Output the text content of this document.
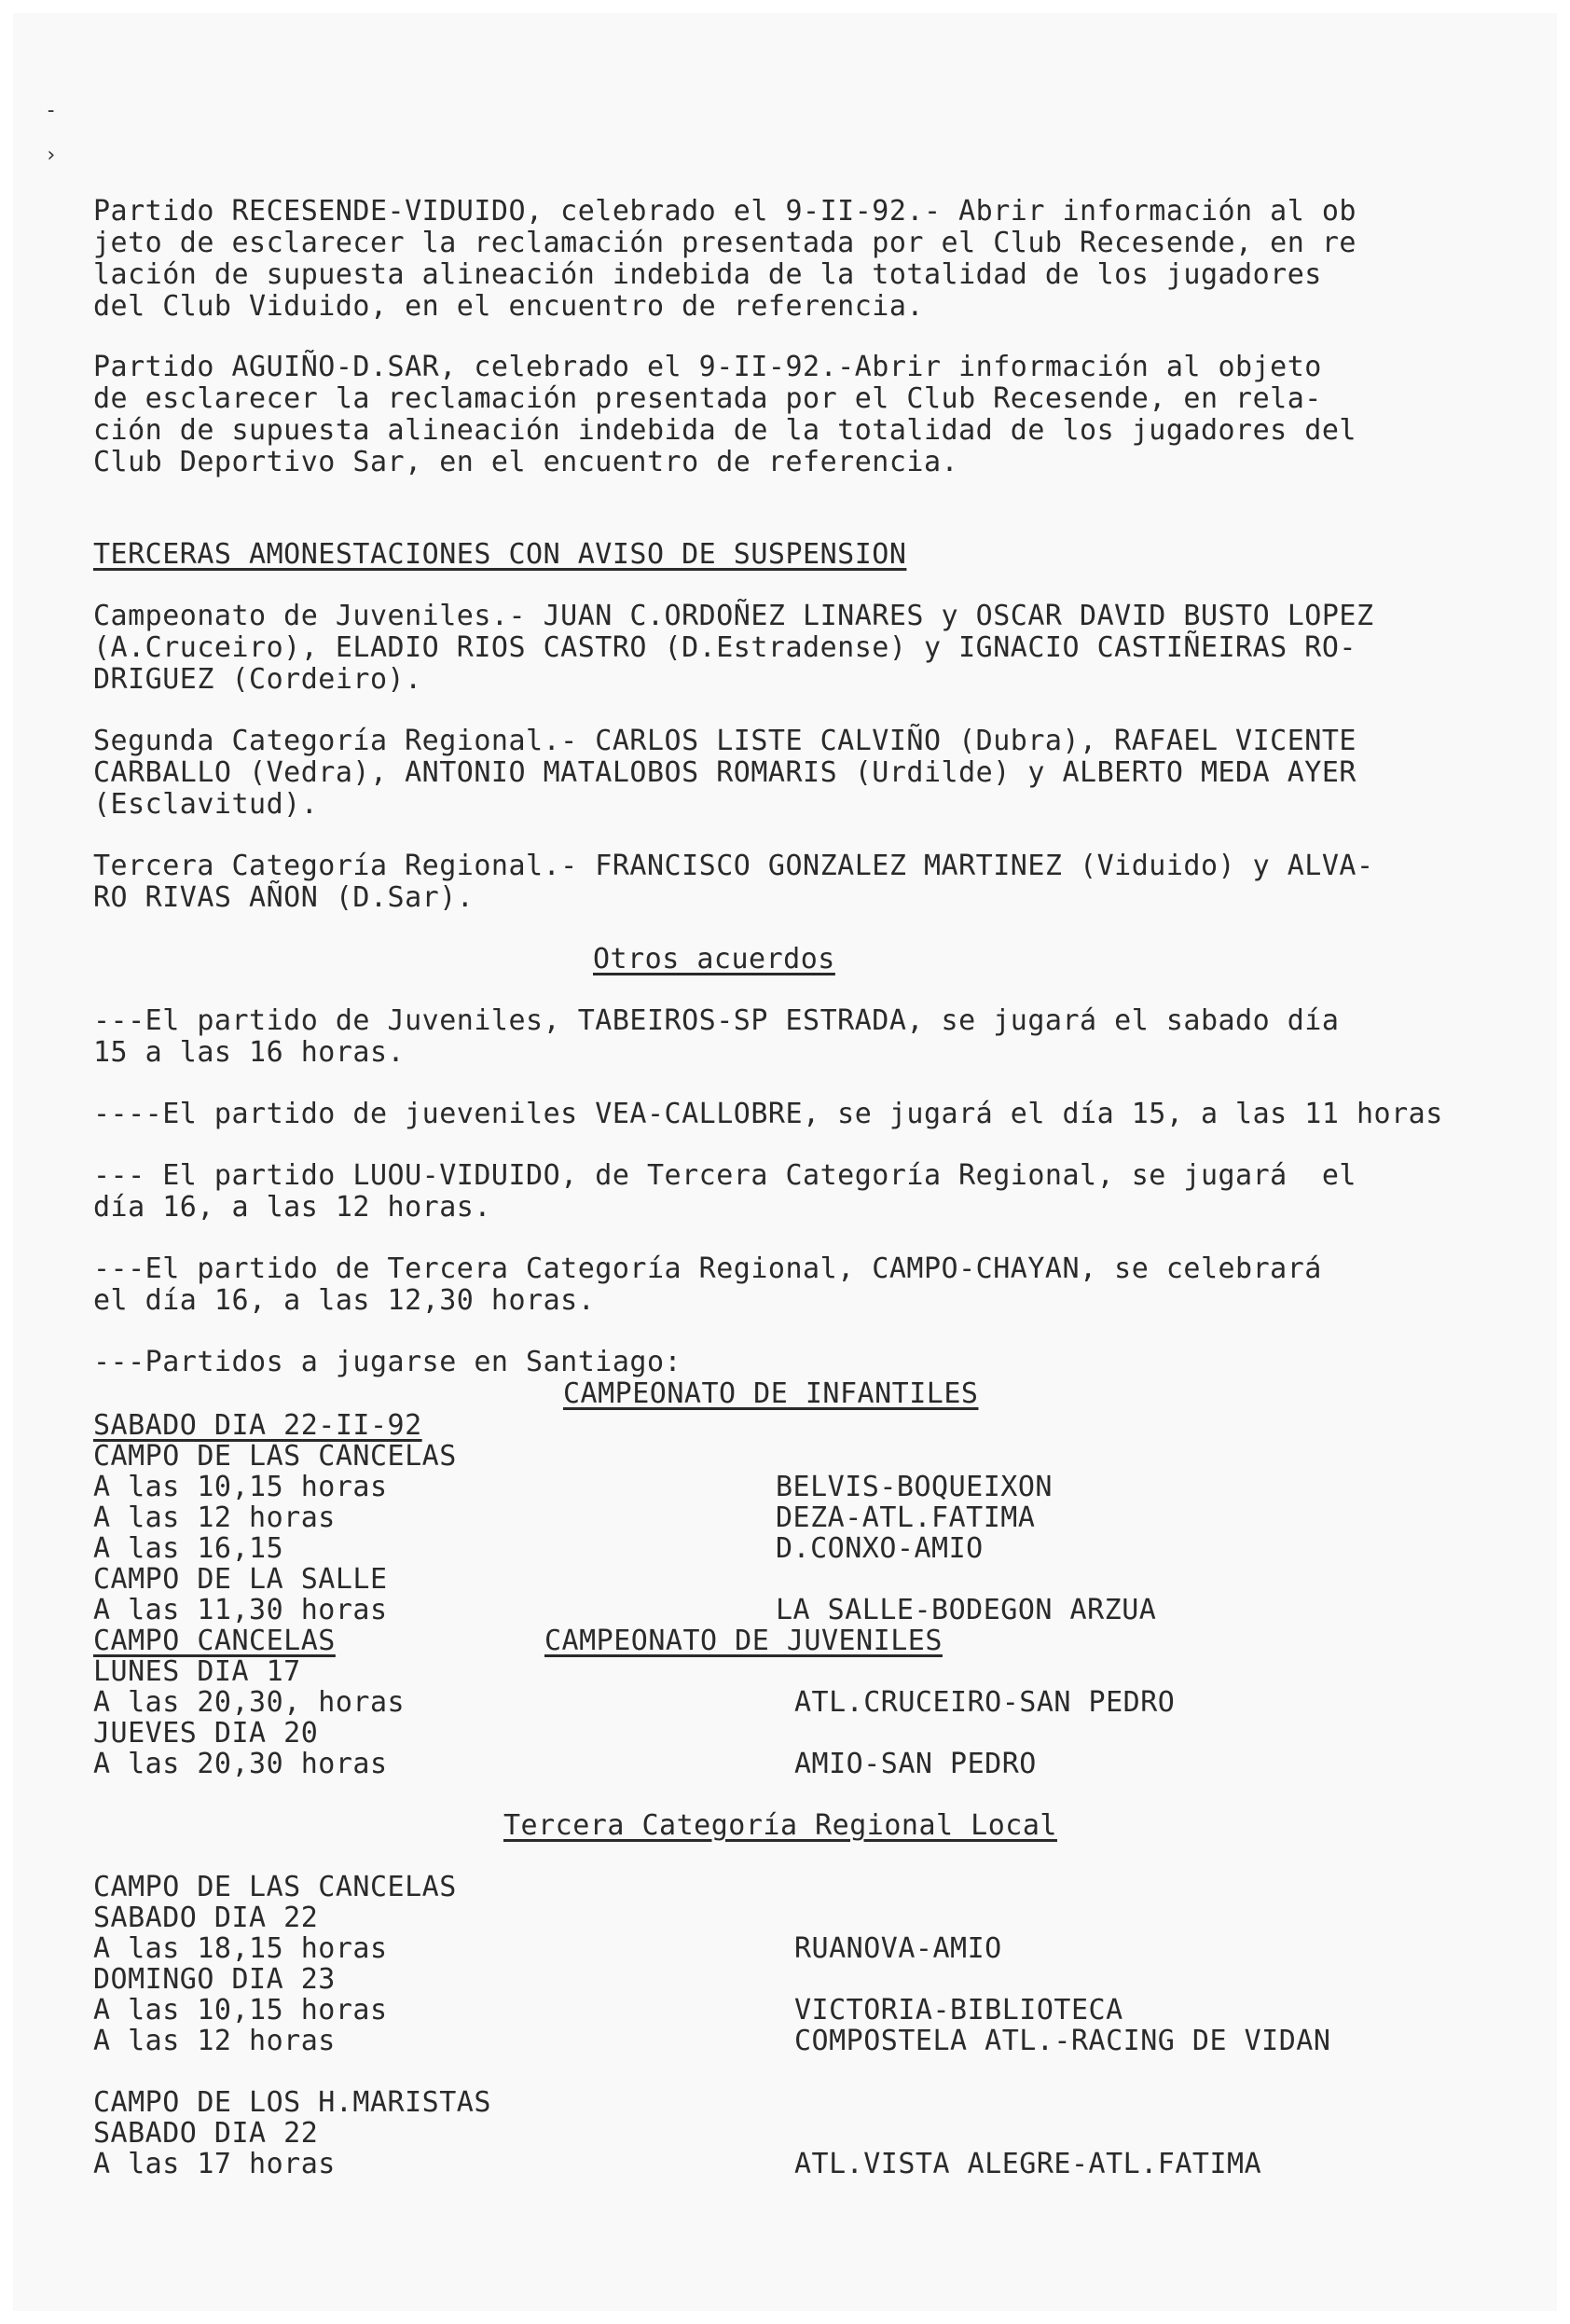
-
›
Partido RECESENDE-VIDUIDO, celebrado el 9-II-92.- Abrir información al ob
jeto de esclarecer la reclamación presentada por el Club Recesende, en re
lación de supuesta alineación indebida de la totalidad de los jugadores
del Club Viduido, en el encuentro de referencia.
Partido AGUIÑO-D.SAR, celebrado el 9-II-92.-Abrir información al objeto
de esclarecer la reclamación presentada por el Club Recesende, en rela-
ción de supuesta alineación indebida de la totalidad de los jugadores del
Club Deportivo Sar, en el encuentro de referencia.
TERCERAS AMONESTACIONES CON AVISO DE SUSPENSION
Campeonato de Juveniles.- JUAN C.ORDOÑEZ LINARES y OSCAR DAVID BUSTO LOPEZ
(A.Cruceiro), ELADIO RIOS CASTRO (D.Estradense) y IGNACIO CASTIÑEIRAS RO-
DRIGUEZ (Cordeiro).
Segunda Categoría Regional.- CARLOS LISTE CALVIÑO (Dubra), RAFAEL VICENTE
CARBALLO (Vedra), ANTONIO MATALOBOS ROMARIS (Urdilde) y ALBERTO MEDA AYER
(Esclavitud).
Tercera Categoría Regional.- FRANCISCO GONZALEZ MARTINEZ (Viduido) y ALVA-
RO RIVAS AÑON (D.Sar).
Otros acuerdos
---El partido de Juveniles, TABEIROS-SP ESTRADA, se jugará el sabado día
15 a las 16 horas.
----El partido de jueveniles VEA-CALLOBRE, se jugará el día 15, a las 11 horas
--- El partido LUOU-VIDUIDO, de Tercera Categoría Regional, se jugará  el
día 16, a las 12 horas.
---El partido de Tercera Categoría Regional, CAMPO-CHAYAN, se celebrará
el día 16, a las 12,30 horas.
---Partidos a jugarse en Santiago:
CAMPEONATO DE INFANTILES
SABADO DIA 22-II-92
CAMPO DE LAS CANCELAS
A las 10,15 horas	BELVIS-BOQUEIXON
A las 12 horas	DEZA-ATL.FATIMA
A las 16,15	D.CONXO-AMIO
CAMPO DE LA SALLE
A las 11,30 horas	LA SALLE-BODEGON ARZUA
CAMPO CANCELAS	CAMPEONATO DE JUVENILES
LUNES DIA 17
A las 20,30, horas	ATL.CRUCEIRO-SAN PEDRO
JUEVES DIA 20
A las 20,30 horas	AMIO-SAN PEDRO
Tercera Categoría Regional Local
CAMPO DE LAS CANCELAS
SABADO DIA 22
A las 18,15 horas	RUANOVA-AMIO
DOMINGO DIA 23
A las 10,15 horas	VICTORIA-BIBLIOTECA
A las 12 horas	COMPOSTELA ATL.-RACING DE VIDAN
CAMPO DE LOS H.MARISTAS
SABADO DIA 22
A las 17 horas	ATL.VISTA ALEGRE-ATL.FATIMA
